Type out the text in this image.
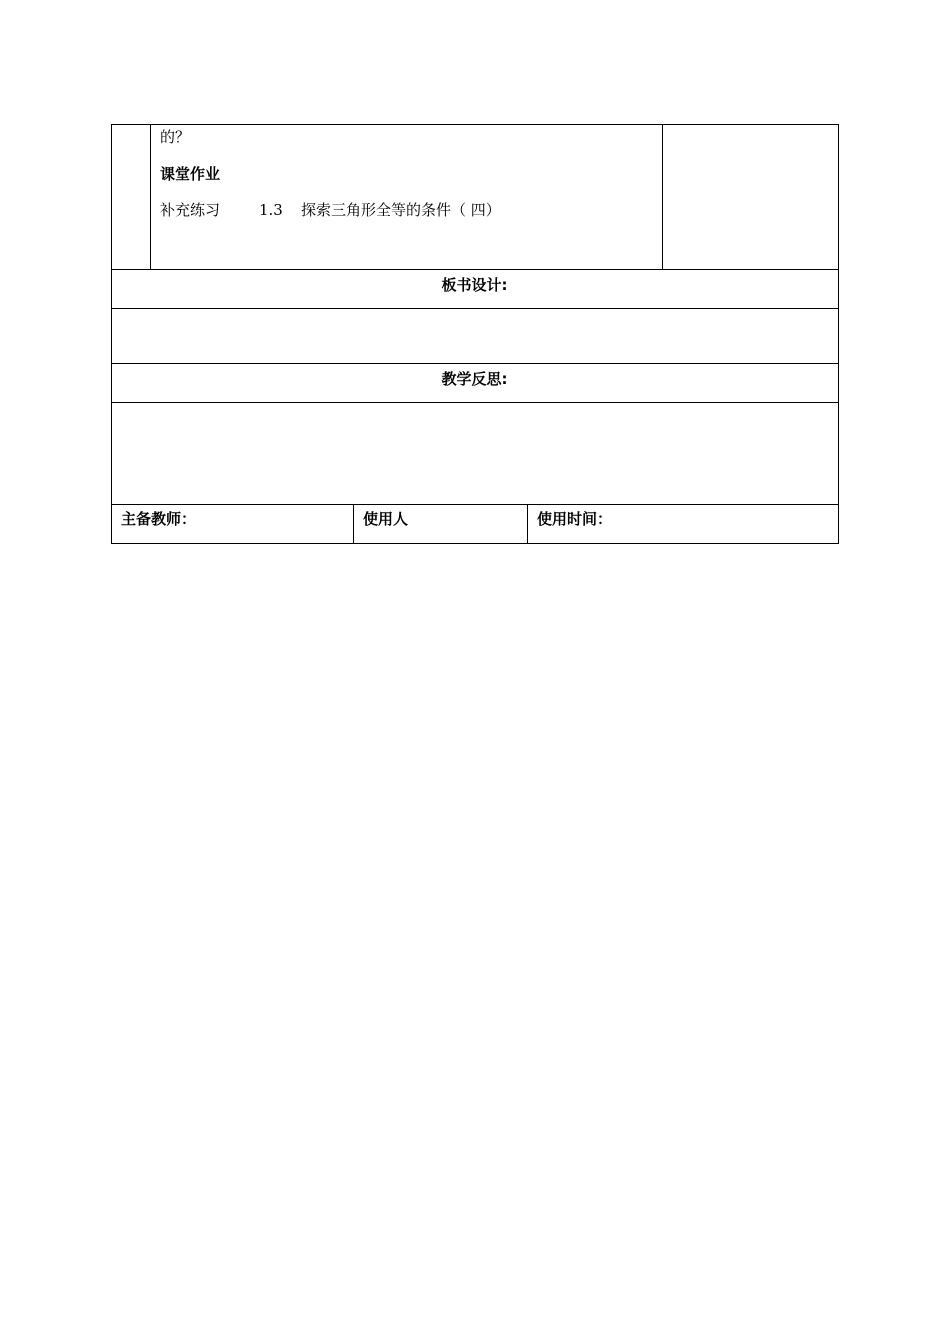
的？
课堂作业
补充练习	1.3 探索三角形全等的条件（ 四）
板书设计:
教学反思:
主备教师：	使用人	使用时间：
